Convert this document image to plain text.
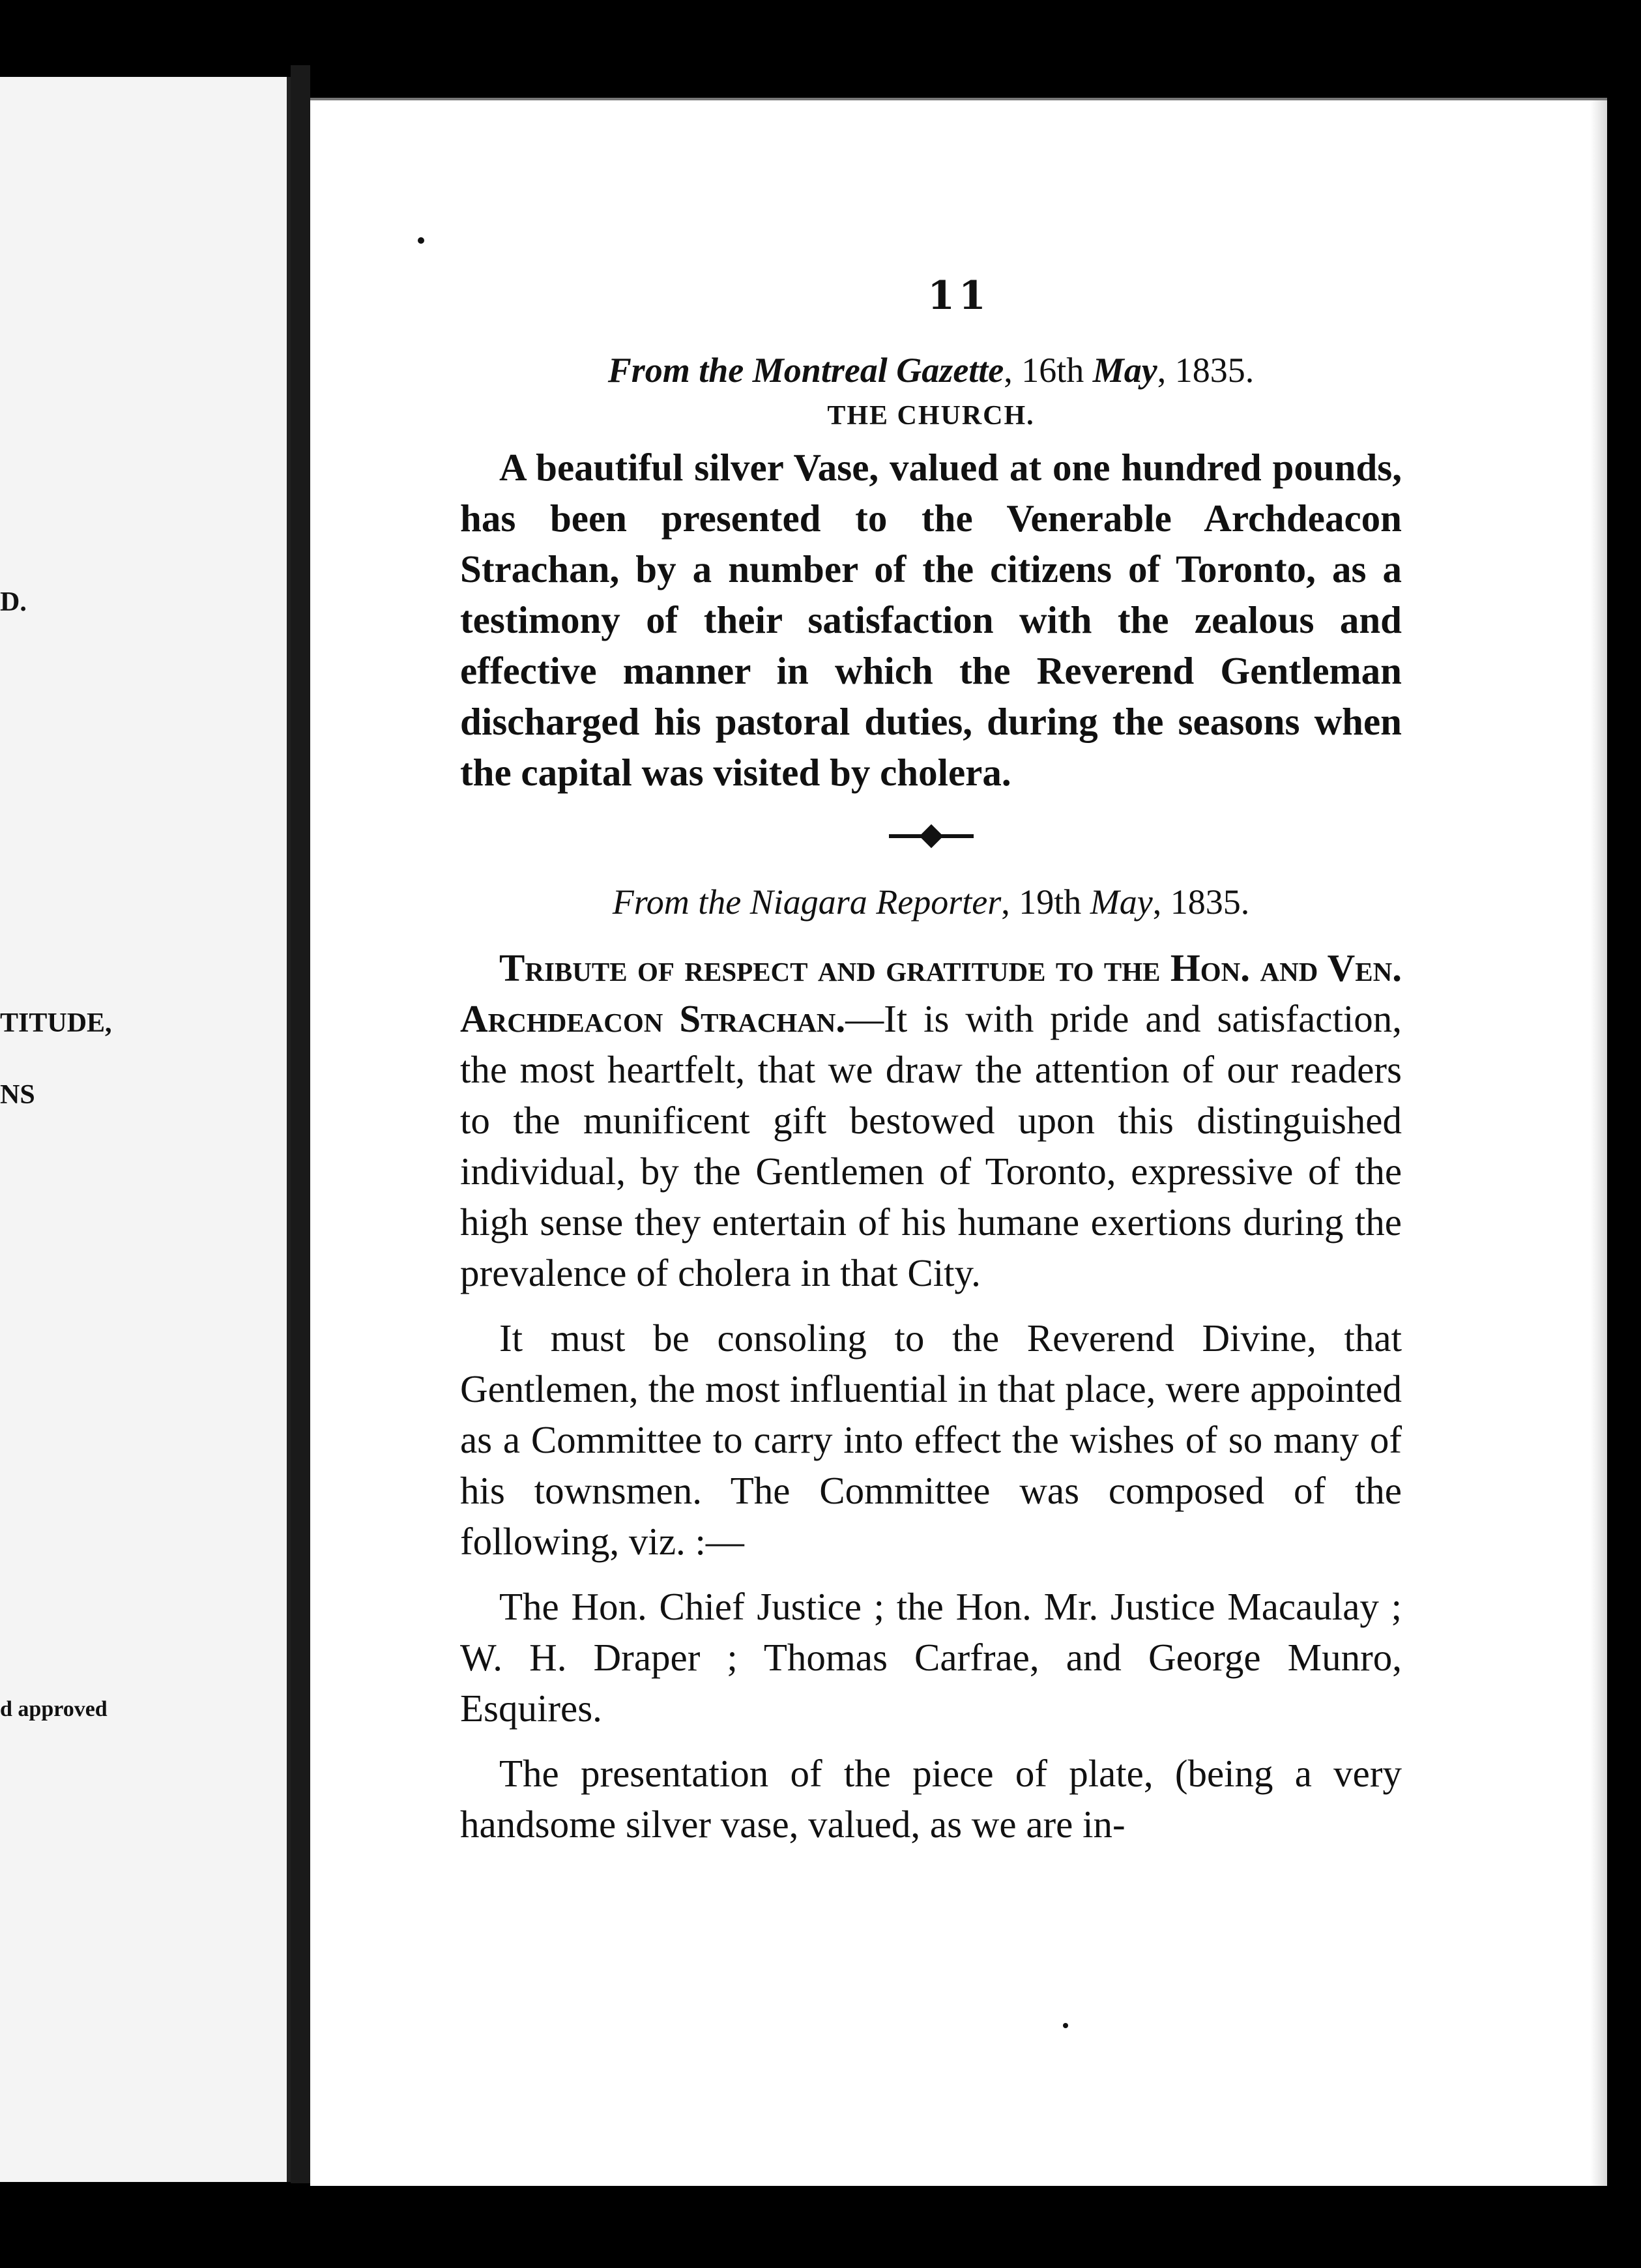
D.
TITUDE,
NS
d approved
11

From the Montreal Gazette, 16th May, 1835.

THE CHURCH.

A beautiful silver Vase, valued at one hundred pounds, has been presented to the Venerable Archdeacon Strachan, by a number of the citizens of Toronto, as a testimony of their satisfaction with the zealous and effective manner in which the Reverend Gentleman discharged his pastoral duties, during the seasons when the capital was visited by cholera.

From the Niagara Reporter, 19th May, 1835.

Tribute of respect and gratitude to the Hon. and Ven. Archdeacon Strachan.—It is with pride and satisfaction, the most heartfelt, that we draw the attention of our readers to the munificent gift bestowed upon this distinguished individual, by the Gentlemen of Toronto, expressive of the high sense they entertain of his humane exertions during the prevalence of cholera in that City.

It must be consoling to the Reverend Divine, that Gentlemen, the most influential in that place, were appointed as a Committee to carry into effect the wishes of so many of his townsmen. The Committee was composed of the following, viz. :—

The Hon. Chief Justice ; the Hon. Mr. Justice Macaulay ; W. H. Draper ; Thomas Carfrae, and George Munro, Esquires.

The presentation of the piece of plate, (being a very handsome silver vase, valued, as we are in-
